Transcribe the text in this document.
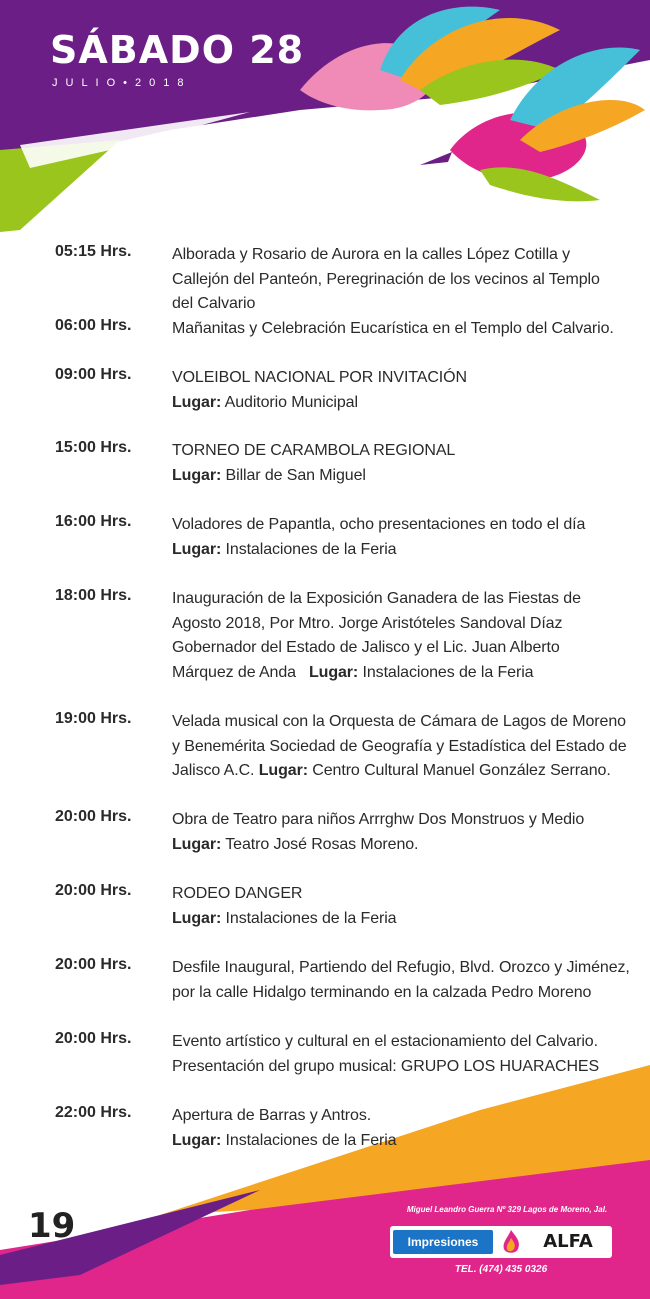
SÁBADO 28
JULIO•2018
05:15 Hrs.	Alborada y Rosario de Aurora en la calles López Cotilla y
Callejón del Panteón, Peregrinación de los vecinos al Templo
del Calvario
06:00 Hrs.	Mañanitas y Celebración Eucarística en el Templo del Calvario.
09:00 Hrs.	VOLEIBOL NACIONAL POR INVITACIÓN
Lugar: Auditorio Municipal
15:00 Hrs.	TORNEO DE CARAMBOLA REGIONAL
Lugar: Billar de San Miguel
16:00 Hrs.	Voladores de Papantla, ocho presentaciones en todo el día
Lugar: Instalaciones de la Feria
18:00 Hrs.	Inauguración de la Exposición Ganadera de las Fiestas de
Agosto 2018, Por Mtro. Jorge Aristóteles Sandoval Díaz
Gobernador del Estado de Jalisco y el Lic. Juan Alberto
Márquez de Anda Lugar: Instalaciones de la Feria
19:00 Hrs.	Velada musical con la Orquesta de Cámara de Lagos de Moreno
y Benemérita Sociedad de Geografía y Estadística del Estado de
Jalisco A.C. Lugar: Centro Cultural Manuel González Serrano.
20:00 Hrs.	Obra de Teatro para niños Arrrghw Dos Monstruos y Medio
Lugar: Teatro José Rosas Moreno.
20:00 Hrs.	RODEO DANGER
Lugar: Instalaciones de la Feria
20:00 Hrs.	Desfile Inaugural, Partiendo del Refugio, Blvd. Orozco y Jiménez,
por la calle Hidalgo terminando en la calzada Pedro Moreno
20:00 Hrs.	Evento artístico y cultural en el estacionamiento del Calvario.
Presentación del grupo musical: GRUPO LOS HUARACHES
22:00 Hrs.	Apertura de Barras y Antros.
Lugar: Instalaciones de la Feria
19	Miguel Leandro Guerra Nº 329 Lagos de Moreno, Jal.
Impresiones	ALFA
TEL. (474) 435 0326
